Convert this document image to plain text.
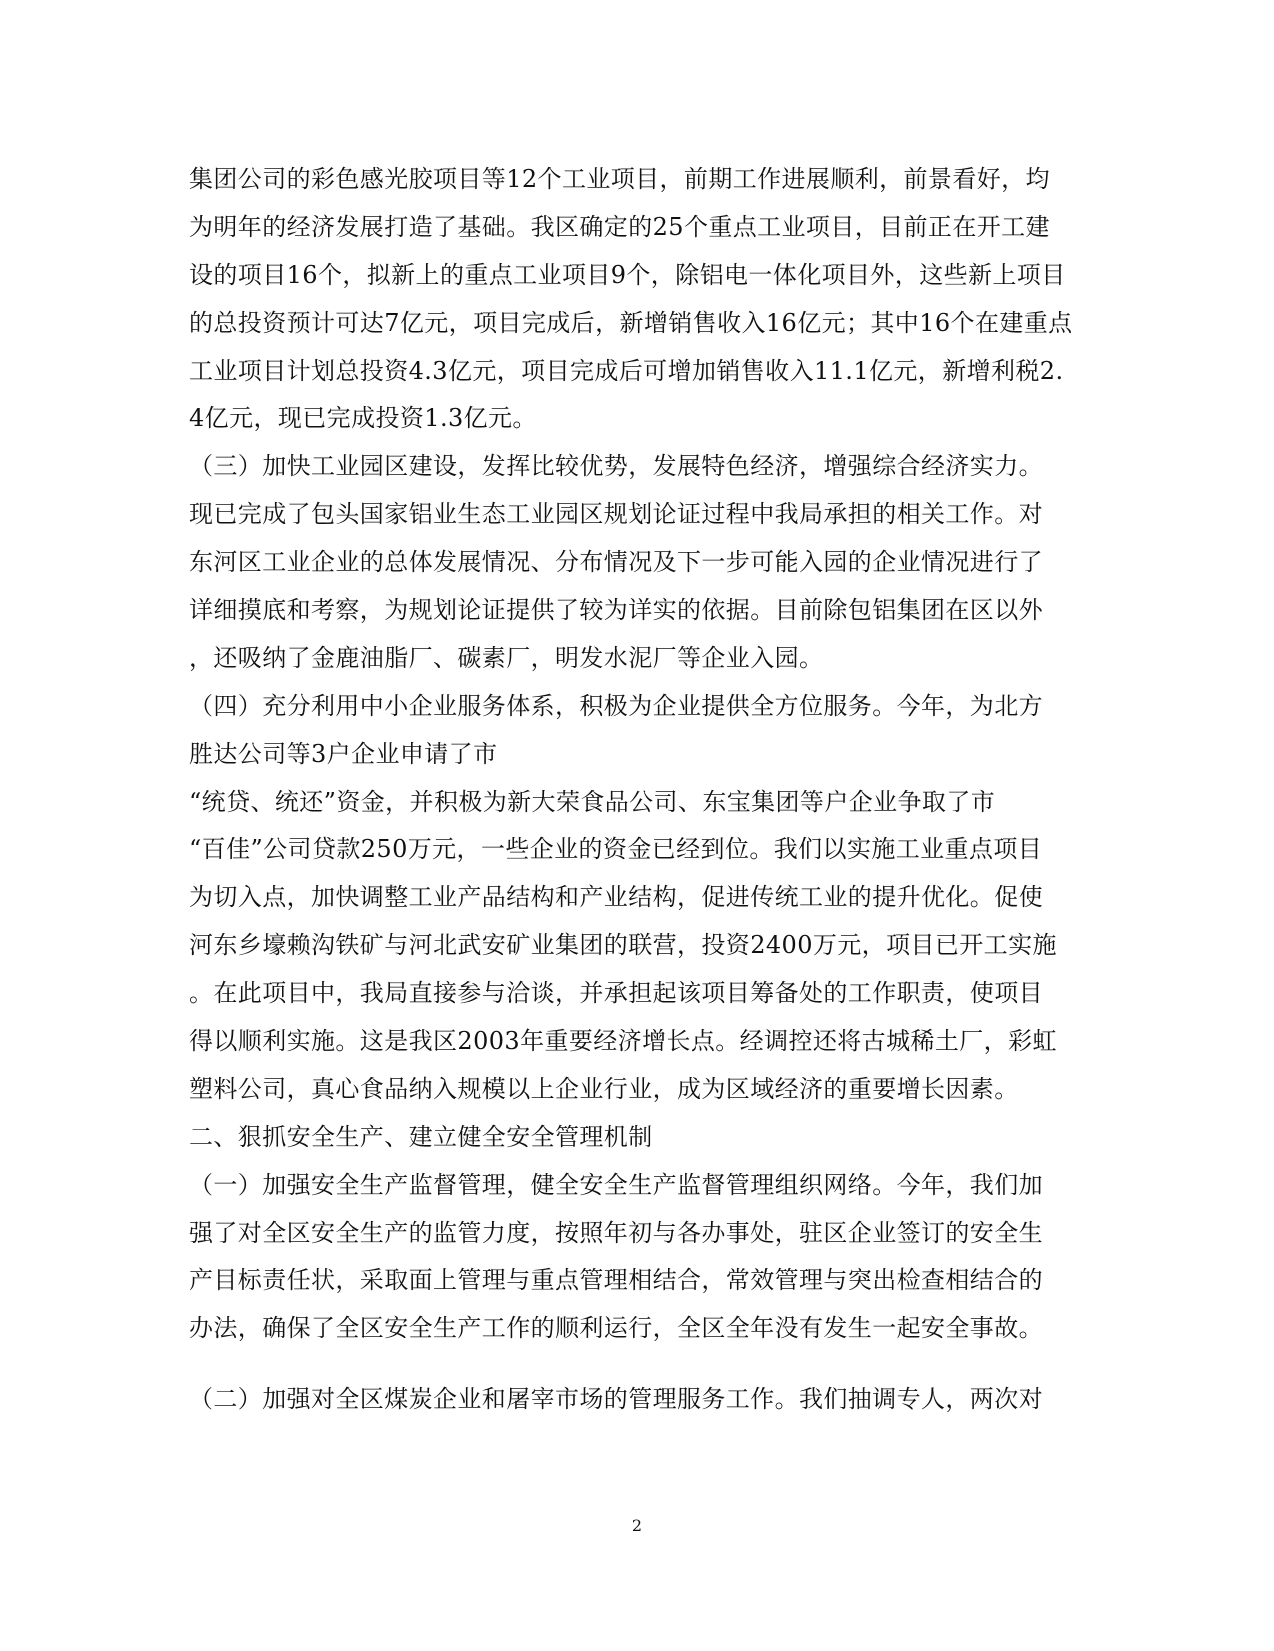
集团公司的彩色感光胶项目等12个工业项目，前期工作进展顺利，前景看好，均
为明年的经济发展打造了基础。我区确定的25个重点工业项目，目前正在开工建
设的项目16个，拟新上的重点工业项目9个，除铝电一体化项目外，这些新上项目
的总投资预计可达7亿元，项目完成后，新增销售收入16亿元；其中16个在建重点
工业项目计划总投资4.3亿元，项目完成后可增加销售收入11.1亿元，新增利税2.
4亿元，现已完成投资1.3亿元。
（三）加快工业园区建设，发挥比较优势，发展特色经济，增强综合经济实力。
现已完成了包头国家铝业生态工业园区规划论证过程中我局承担的相关工作。对
东河区工业企业的总体发展情况、分布情况及下一步可能入园的企业情况进行了
详细摸底和考察，为规划论证提供了较为详实的依据。目前除包铝集团在区以外
，还吸纳了金鹿油脂厂、碳素厂，明发水泥厂等企业入园。
（四）充分利用中小企业服务体系，积极为企业提供全方位服务。今年，为北方
胜达公司等3户企业申请了市
“统贷、统还”资金，并积极为新大荣食品公司、东宝集团等户企业争取了市
“百佳”公司贷款250万元，一些企业的资金已经到位。我们以实施工业重点项目
为切入点，加快调整工业产品结构和产业结构，促进传统工业的提升优化。促使
河东乡壕赖沟铁矿与河北武安矿业集团的联营，投资2400万元，项目已开工实施
。在此项目中，我局直接参与洽谈，并承担起该项目筹备处的工作职责，使项目
得以顺利实施。这是我区2003年重要经济增长点。经调控还将古城稀土厂，彩虹
塑料公司，真心食品纳入规模以上企业行业，成为区域经济的重要增长因素。
二、狠抓安全生产、建立健全安全管理机制
（一）加强安全生产监督管理，健全安全生产监督管理组织网络。今年，我们加
强了对全区安全生产的监管力度，按照年初与各办事处，驻区企业签订的安全生
产目标责任状，采取面上管理与重点管理相结合，常效管理与突出检查相结合的
办法，确保了全区安全生产工作的顺利运行，全区全年没有发生一起安全事故。
（二）加强对全区煤炭企业和屠宰市场的管理服务工作。我们抽调专人，两次对
2
